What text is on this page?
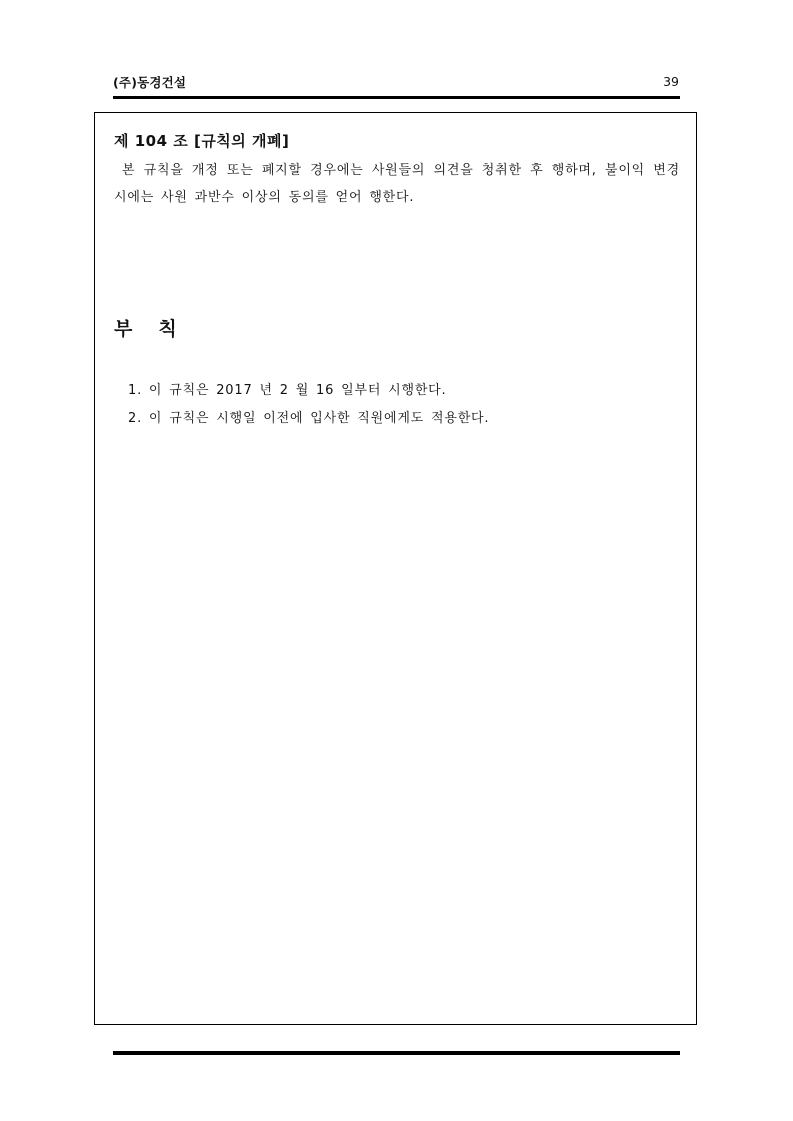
(주)동경건설	39
제 104 조 [규칙의 개폐]
본 규칙을 개정 또는 폐지할 경우에는 사원들의 의견을 청취한 후 행하며, 불이익 변경 시에는 사원 과반수 이상의 동의를 얻어 행한다.
부칙
1. 이 규칙은 2017 년 2 월 16 일부터 시행한다.
2. 이 규칙은 시행일 이전에 입사한 직원에게도 적용한다.
